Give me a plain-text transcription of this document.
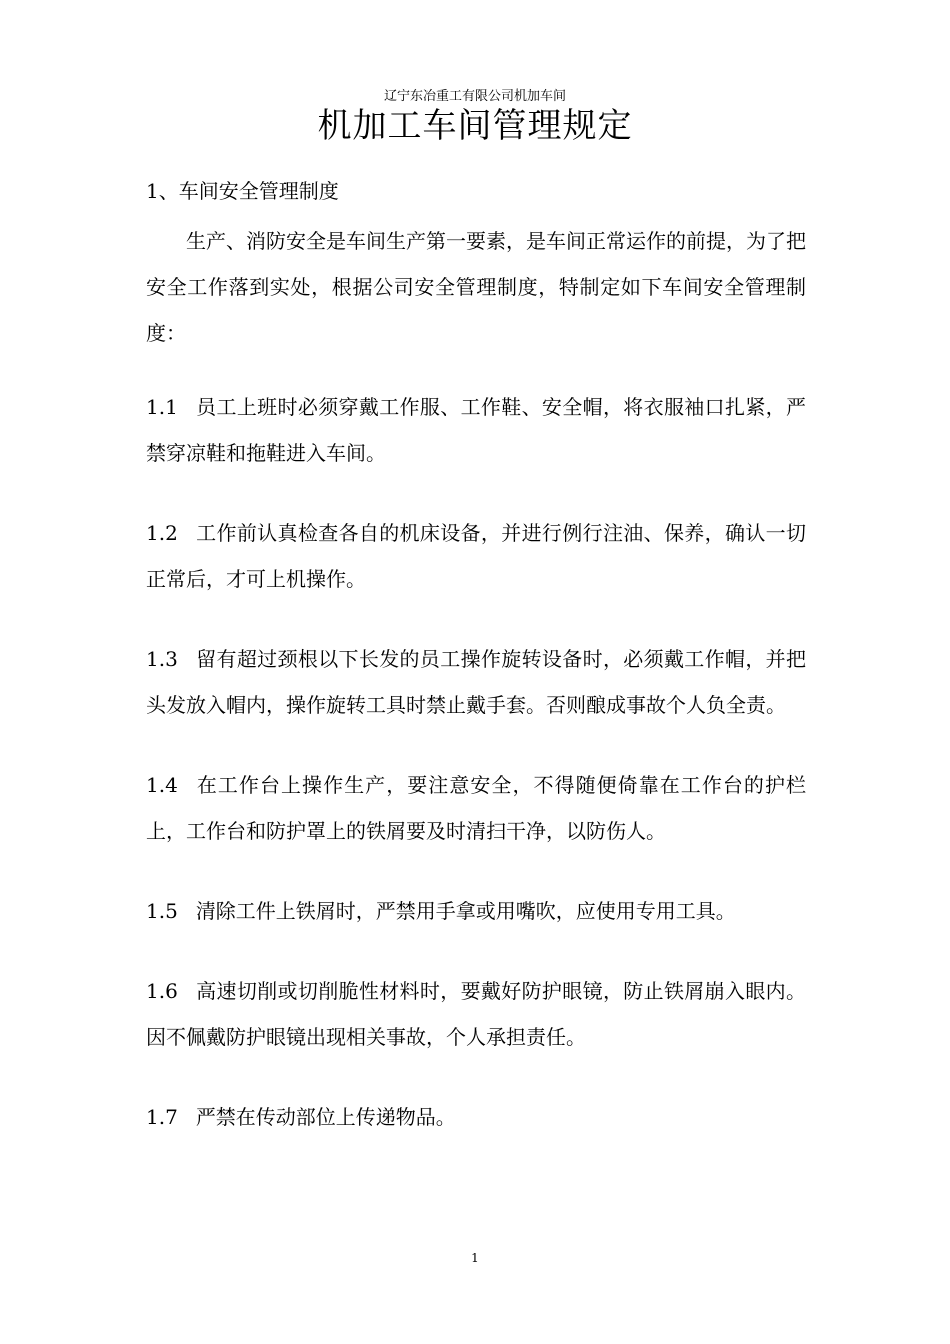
辽宁东冶重工有限公司机加车间
机加工车间管理规定

1、车间安全管理制度

生产、消防安全是车间生产第一要素，是车间正常运作的前提，为了把安全工作落到实处，根据公司安全管理制度，特制定如下车间安全管理制度：

1.1 员工上班时必须穿戴工作服、工作鞋、安全帽，将衣服袖口扎紧，严禁穿凉鞋和拖鞋进入车间。

1.2 工作前认真检查各自的机床设备，并进行例行注油、保养，确认一切正常后，才可上机操作。

1.3 留有超过颈根以下长发的员工操作旋转设备时，必须戴工作帽，并把头发放入帽内，操作旋转工具时禁止戴手套。否则酿成事故个人负全责。

1.4 在工作台上操作生产，要注意安全，不得随便倚靠在工作台的护栏上，工作台和防护罩上的铁屑要及时清扫干净，以防伤人。

1.5 清除工件上铁屑时，严禁用手拿或用嘴吹，应使用专用工具。

1.6 高速切削或切削脆性材料时，要戴好防护眼镜，防止铁屑崩入眼内。因不佩戴防护眼镜出现相关事故，个人承担责任。

1.7 严禁在传动部位上传递物品。

1
